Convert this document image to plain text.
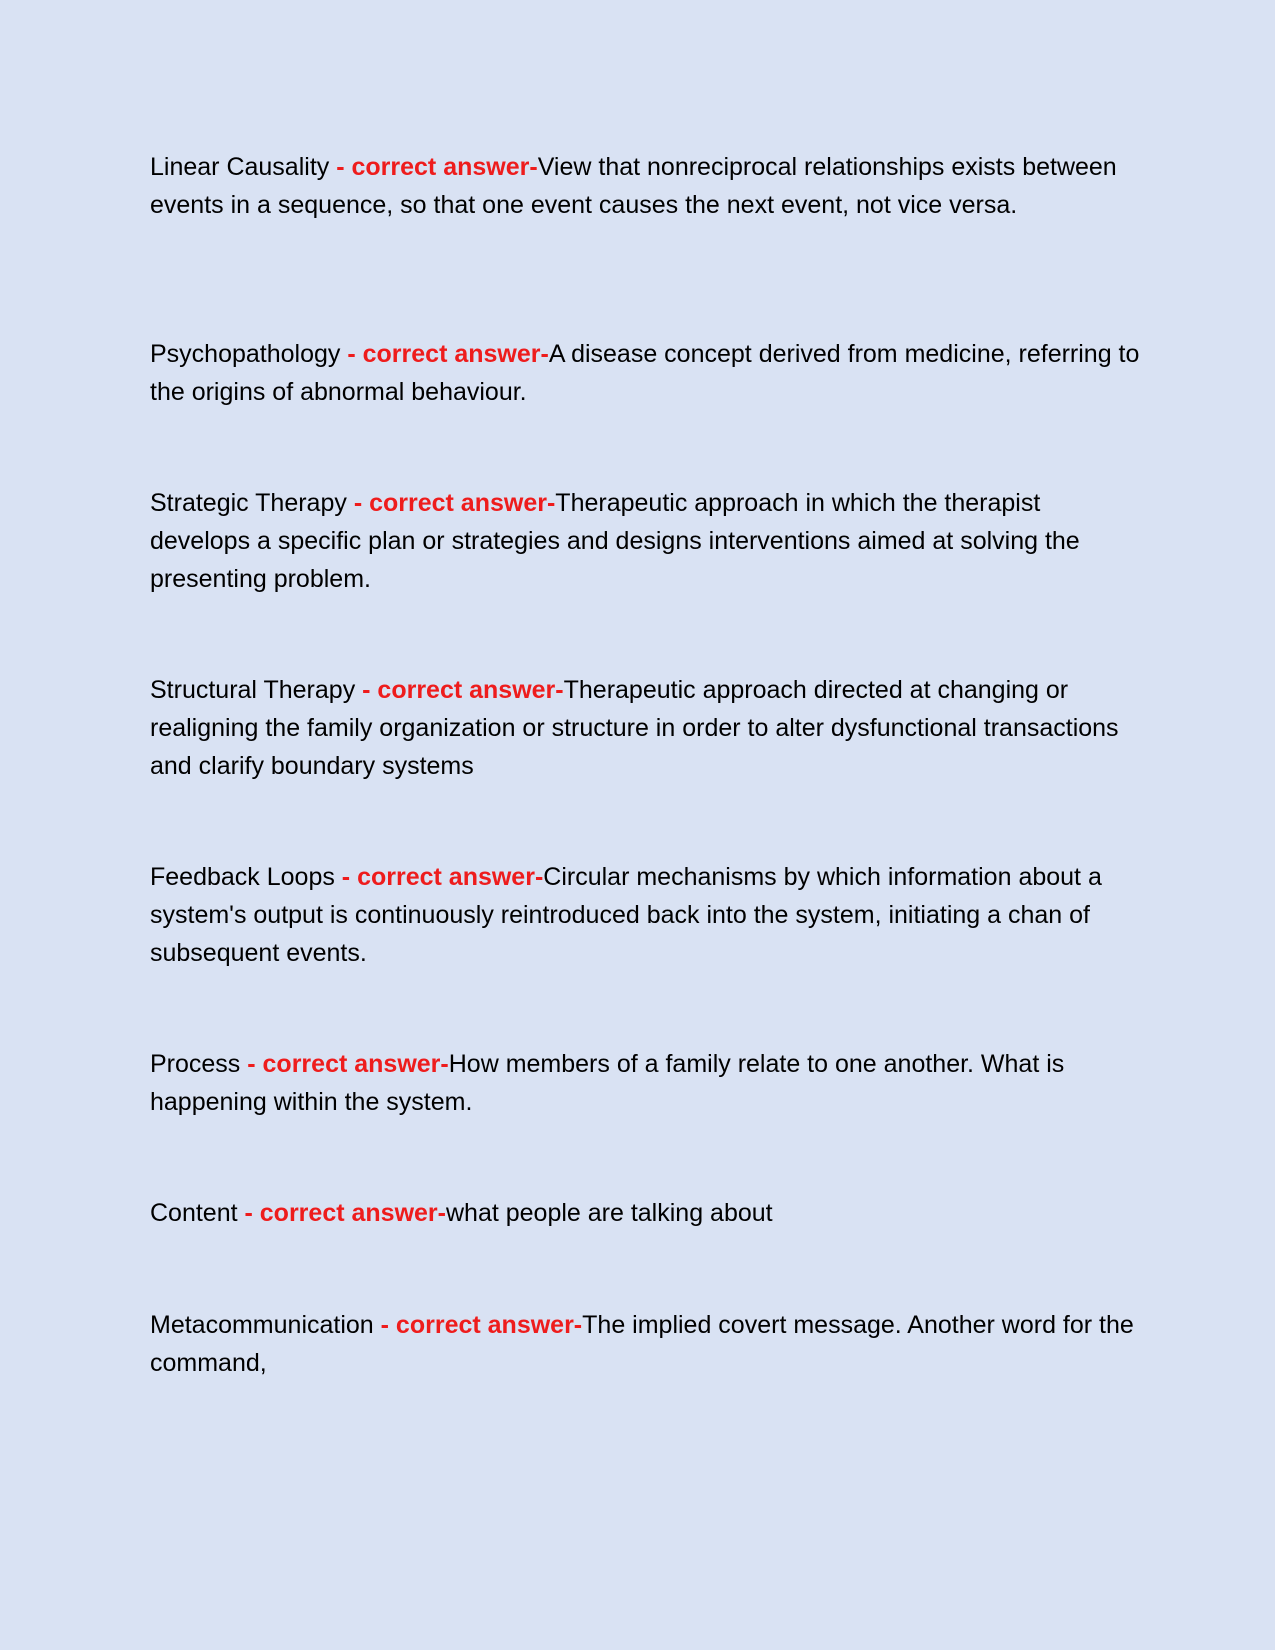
Linear Causality - correct answer-View that nonreciprocal relationships exists between events in a sequence, so that one event causes the next event, not vice versa.

Psychopathology - correct answer-A disease concept derived from medicine, referring to the origins of abnormal behaviour.

Strategic Therapy - correct answer-Therapeutic approach in which the therapist develops a specific plan or strategies and designs interventions aimed at solving the presenting problem.

Structural Therapy - correct answer-Therapeutic approach directed at changing or realigning the family organization or structure in order to alter dysfunctional transactions and clarify boundary systems

Feedback Loops - correct answer-Circular mechanisms by which information about a system's output is continuously reintroduced back into the system, initiating a chan of subsequent events.

Process - correct answer-How members of a family relate to one another. What is happening within the system.

Content - correct answer-what people are talking about

Metacommunication - correct answer-The implied covert message. Another word for the command,
